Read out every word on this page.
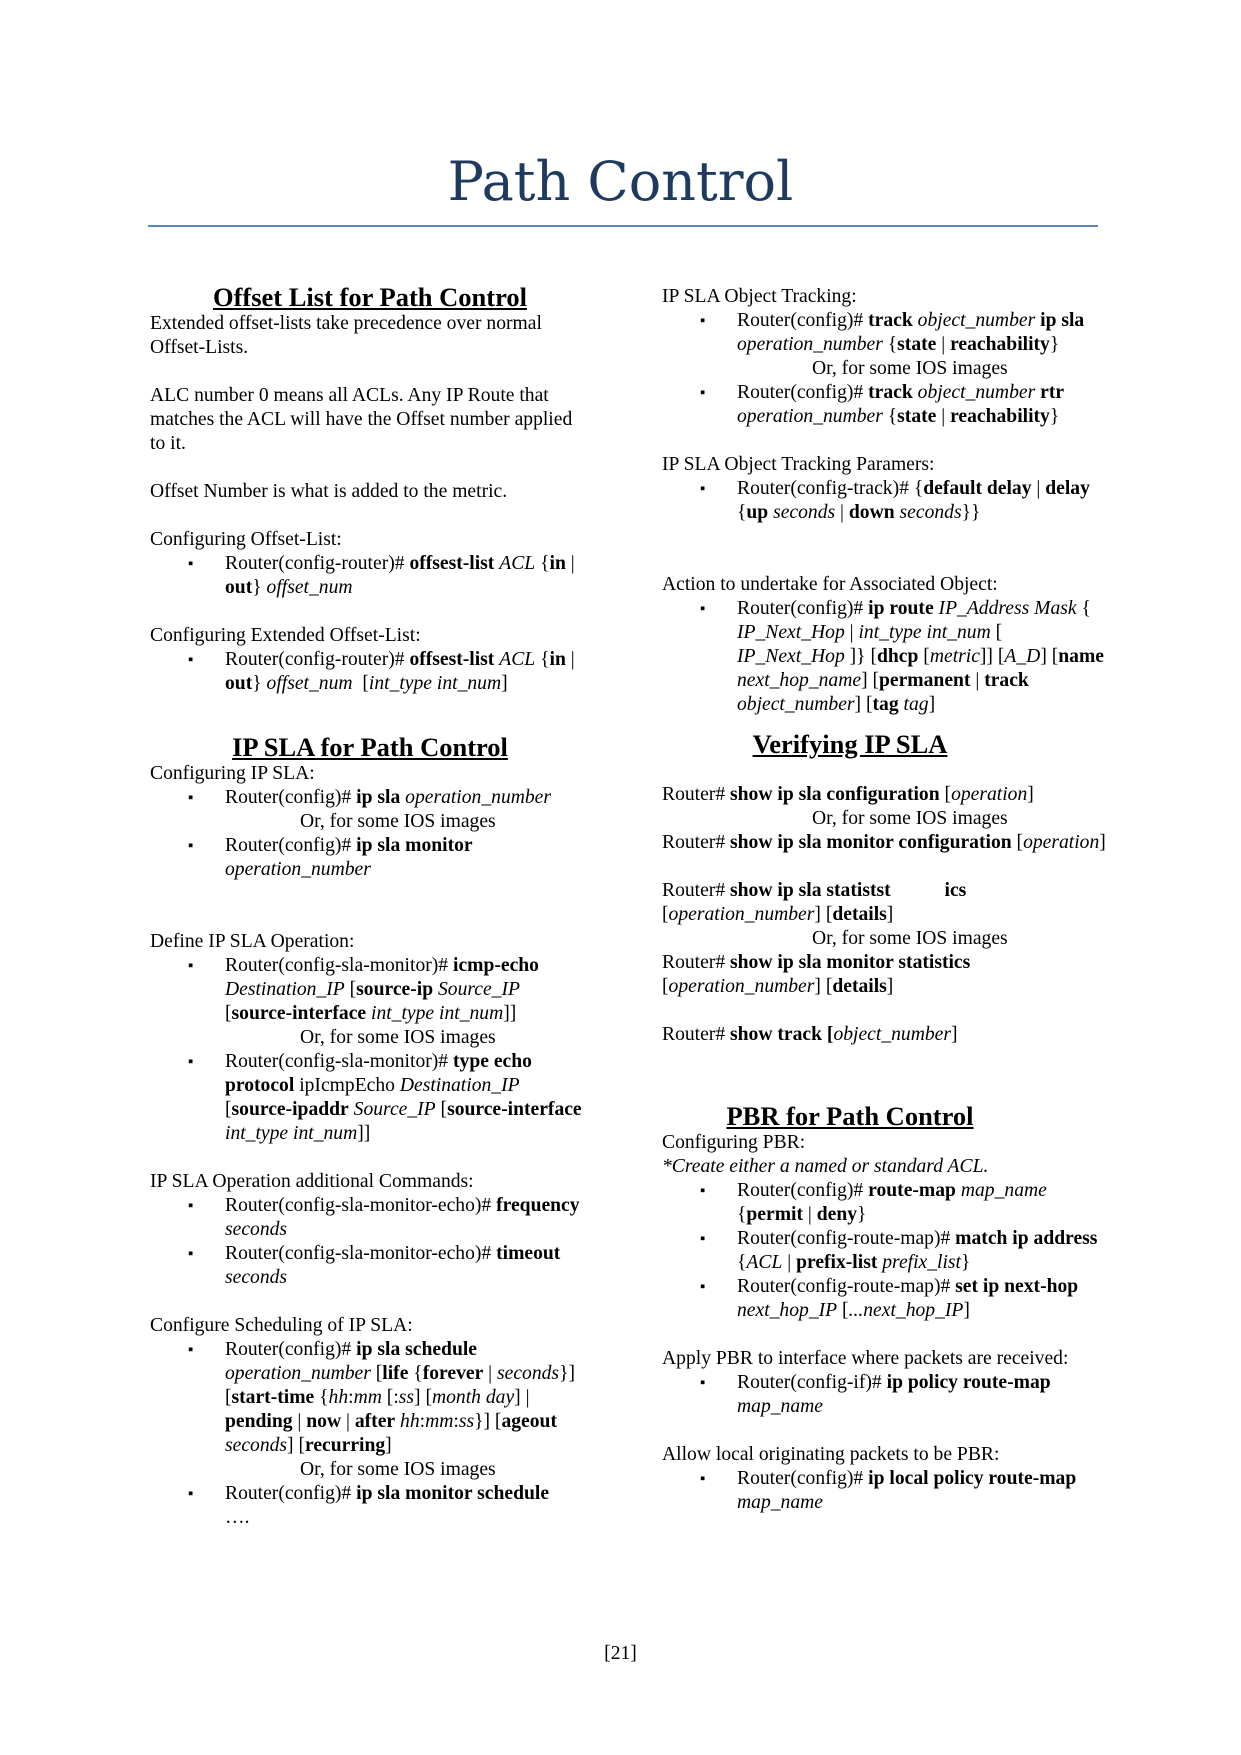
Path Control
Offset List for Path Control

Extended offset-lists take precedence over normal Offset-Lists.

ALC number 0 means all ACLs. Any IP Route that matches the ACL will have the Offset number applied to it.

Offset Number is what is added to the metric.

Configuring Offset-List:

▪ Router(config-router)# offsest-list ACL {in | out} offset_num

Configuring Extended Offset-List:

▪ Router(config-router)# offsest-list ACL {in | out} offset_num  [int_type int_num]
IP SLA for Path Control

Configuring IP SLA:

▪ Router(config)# ip sla operation_number

Or, for some IOS images

▪ Router(config)# ip sla monitor operation_number

Define IP SLA Operation:

▪ Router(config-sla-monitor)# icmp-echo Destination_IP [source-ip Source_IP [source-interface int_type int_num]]

Or, for some IOS images

▪ Router(config-sla-monitor)# type echo protocol ipIcmpEcho Destination_IP [source-ipaddr Source_IP [source-interface int_type int_num]]

IP SLA Operation additional Commands:

▪ Router(config-sla-monitor-echo)# frequency seconds
▪ Router(config-sla-monitor-echo)# timeout seconds

Configure Scheduling of IP SLA:

▪ Router(config)# ip sla schedule operation_number [life {forever | seconds}] [start-time {hh:mm [:ss] [month day] | pending | now | after hh:mm:ss}] [ageout seconds] [recurring]

Or, for some IOS images

▪ Router(config)# ip sla monitor schedule
….

IP SLA Object Tracking:

▪ Router(config)# track object_number ip sla operation_number {state | reachability}

Or, for some IOS images

▪ Router(config)# track object_number rtr operation_number {state | reachability}

IP SLA Object Tracking Paramers:

▪ Router(config-track)# {default delay | delay {up seconds | down seconds}}

Action to undertake for Associated Object:

▪ Router(config)# ip route IP_Address Mask { IP_Next_Hop | int_type int_num [ IP_Next_Hop ]} [dhcp [metric]] [A_D] [name next_hop_name] [permanent | track object_number] [tag tag]
Verifying IP SLA

Router# show ip sla configuration [operation]

Or, for some IOS images

Router# show ip sla monitor configuration [operation]

Router# show ip sla statistst           ics [operation_number] [details]

Or, for some IOS images

Router# show ip sla monitor statistics [operation_number] [details]

Router# show track [object_number]

PBR for Path Control

Configuring PBR:

*Create either a named or standard ACL.

▪ Router(config)# route-map map_name {permit | deny}
▪ Router(config-route-map)# match ip address {ACL | prefix-list prefix_list}
▪ Router(config-route-map)# set ip next-hop next_hop_IP [...next_hop_IP]

Apply PBR to interface where packets are received:

▪ Router(config-if)# ip policy route-map map_name

Allow local originating packets to be PBR:

▪ Router(config)# ip local policy route-map map_name
[21]
